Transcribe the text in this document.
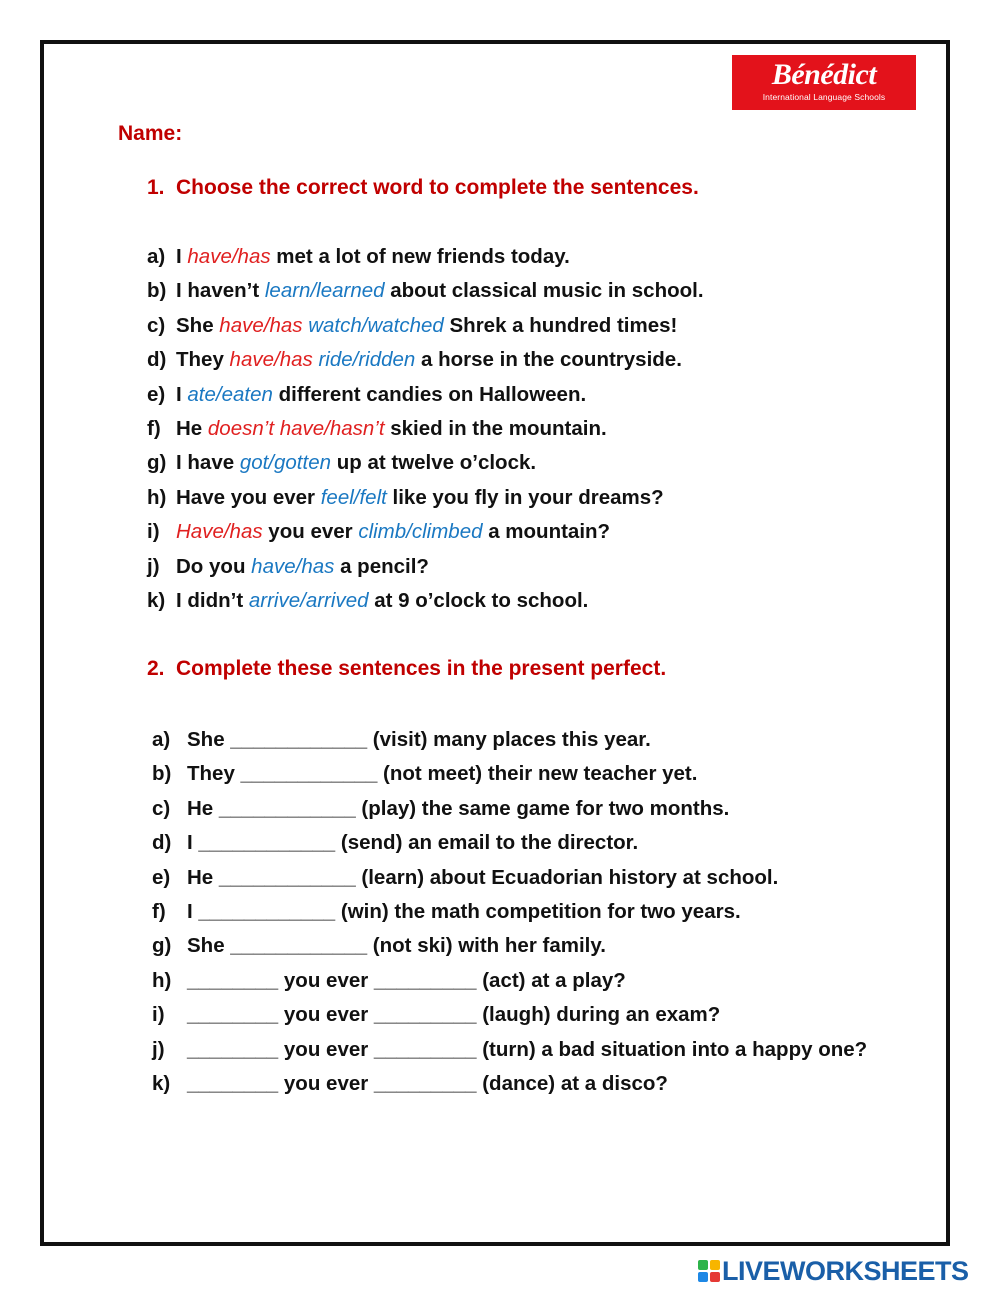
Bénédict
International Language Schools
Name:
1. Choose the correct word to complete the sentences.
a) I have/has met a lot of new friends today.
b) I haven’t learn/learned about classical music in school.
c) She have/has watch/watched Shrek a hundred times!
d) They have/has ride/ridden a horse in the countryside.
e) I ate/eaten different candies on Halloween.
f) He doesn’t have/hasn’t skied in the mountain.
g) I have got/gotten up at twelve o’clock.
h) Have you ever feel/felt like you fly in your dreams?
i) Have/has you ever climb/climbed a mountain?
j) Do you have/has a pencil?
k) I didn’t arrive/arrived at 9 o’clock to school.
2. Complete these sentences in the present perfect.
a) She ____________ (visit) many places this year.
b) They ____________ (not meet) their new teacher yet.
c) He ____________ (play) the same game for two months.
d) I ____________ (send) an email to the director.
e) He ____________ (learn) about Ecuadorian history at school.
f)	I ____________ (win) the math competition for two years.
g) She ____________ (not ski) with her family.
h) ________ you ever _________ (act) at a play?
i)	________ you ever _________ (laugh) during an exam?
j)	________ you ever _________ (turn) a bad situation into a happy one?
k) ________ you ever _________ (dance) at a disco?
LIVEWORKSHEETS
